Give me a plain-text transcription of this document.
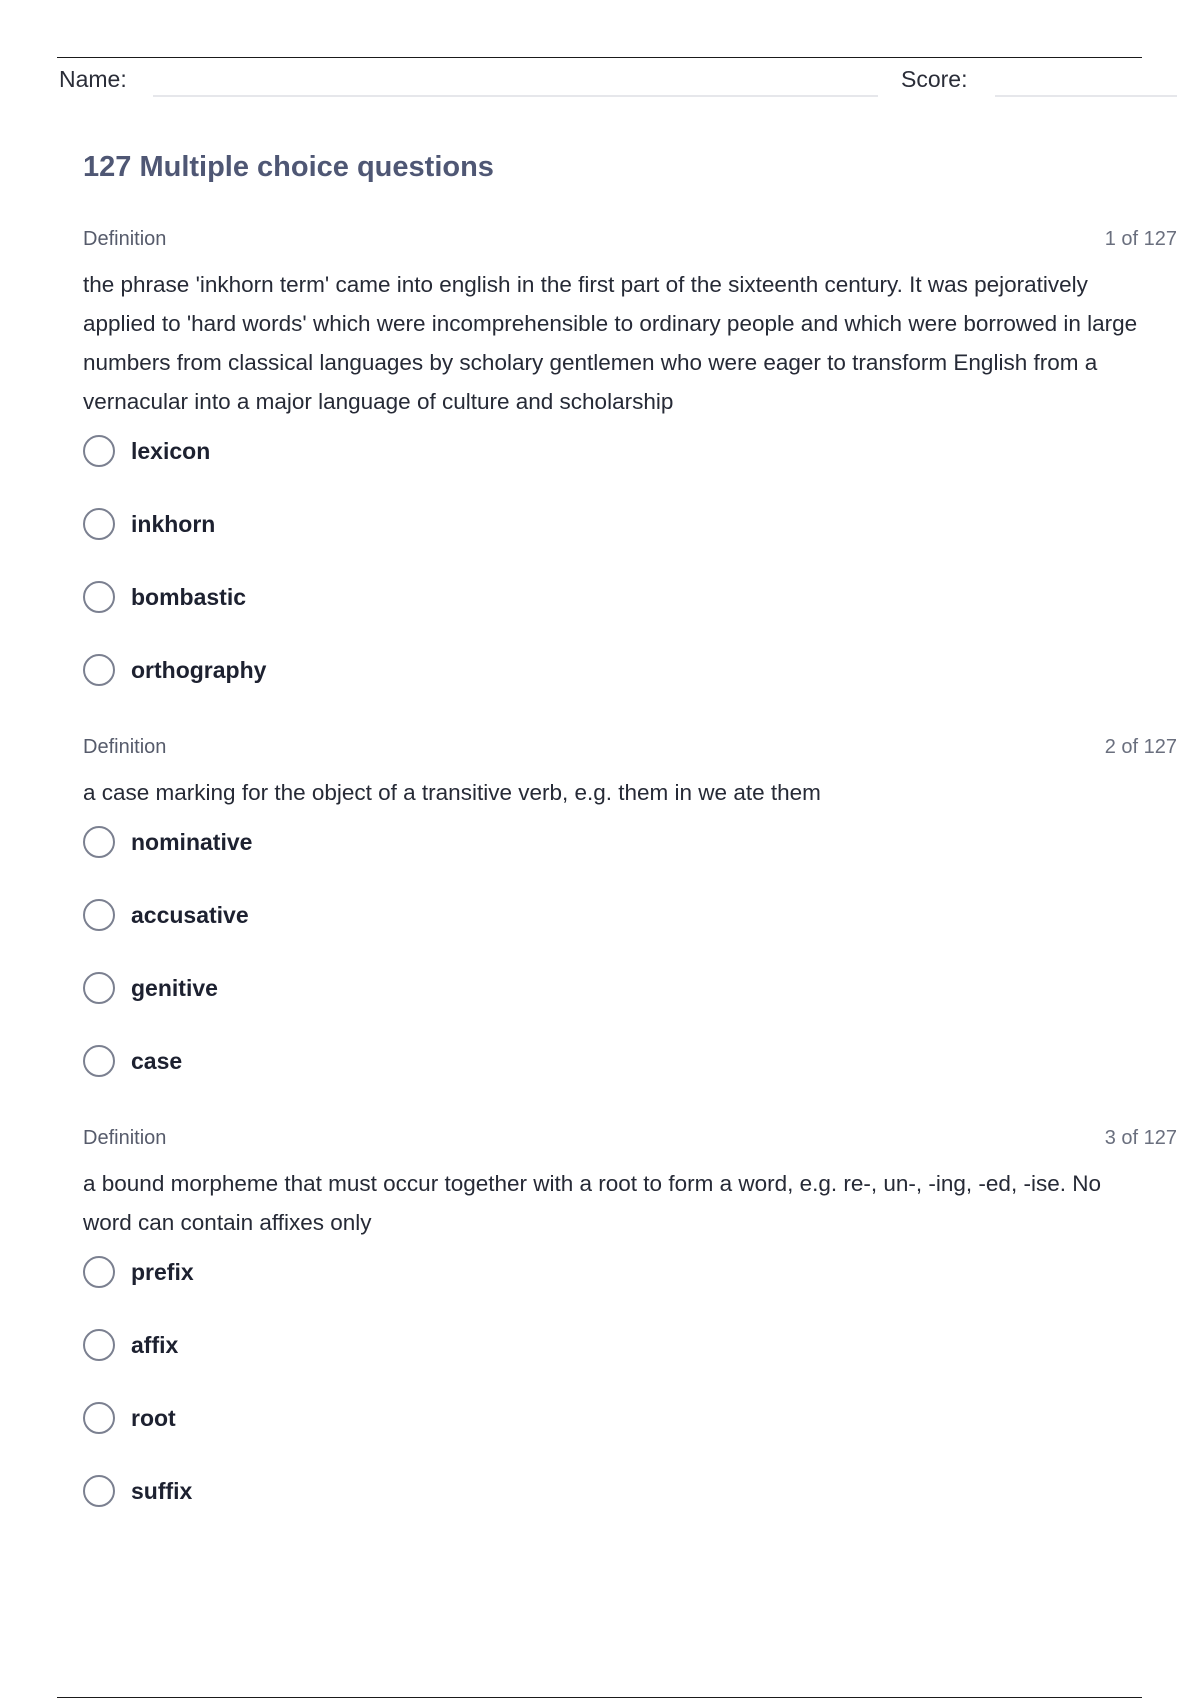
Name:	Score:
127 Multiple choice questions
Definition	1 of 127
the phrase 'inkhorn term' came into english in the first part of the sixteenth century. It was pejoratively applied to 'hard words' which were incomprehensible to ordinary people and which were borrowed in large numbers from classical languages by scholary gentlemen who were eager to transform English from a vernacular into a major language of culture and scholarship
lexicon
inkhorn
bombastic
orthography
Definition	2 of 127
a case marking for the object of a transitive verb, e.g. them in we ate them
nominative
accusative
genitive
case
Definition	3 of 127
a bound morpheme that must occur together with a root to form a word, e.g. re-, un-, -ing, -ed, -ise. No word can contain affixes only
prefix
affix
root
suffix
